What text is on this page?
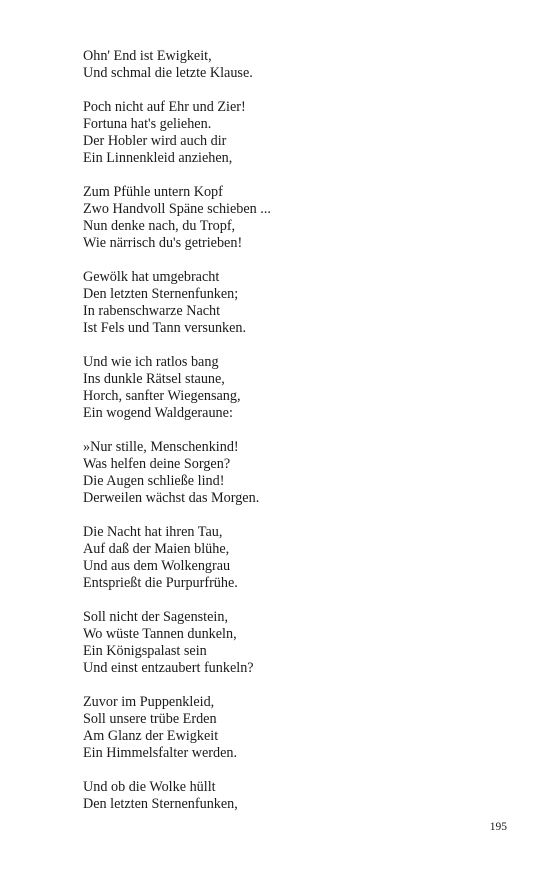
Ohn' End ist Ewigkeit,
Und schmal die letzte Klause.
Poch nicht auf Ehr und Zier!
Fortuna hat's geliehen.
Der Hobler wird auch dir
Ein Linnenkleid anziehen,
Zum Pfühle untern Kopf
Zwo Handvoll Späne schieben ...
Nun denke nach, du Tropf,
Wie närrisch du's getrieben!
Gewölk hat umgebracht
Den letzten Sternenfunken;
In rabenschwarze Nacht
Ist Fels und Tann versunken.
Und wie ich ratlos bang
Ins dunkle Rätsel staune,
Horch, sanfter Wiegensang,
Ein wogend Waldgeraune:
»Nur stille, Menschenkind!
Was helfen deine Sorgen?
Die Augen schließe lind!
Derweilen wächst das Morgen.
Die Nacht hat ihren Tau,
Auf daß der Maien blühe,
Und aus dem Wolkengrau
Entsprießt die Purpurfrühe.
Soll nicht der Sagenstein,
Wo wüste Tannen dunkeln,
Ein Königspalast sein
Und einst entzaubert funkeln?
Zuvor im Puppenkleid,
Soll unsere trübe Erden
Am Glanz der Ewigkeit
Ein Himmelsfalter werden.
Und ob die Wolke hüllt
Den letzten Sternenfunken,
195
